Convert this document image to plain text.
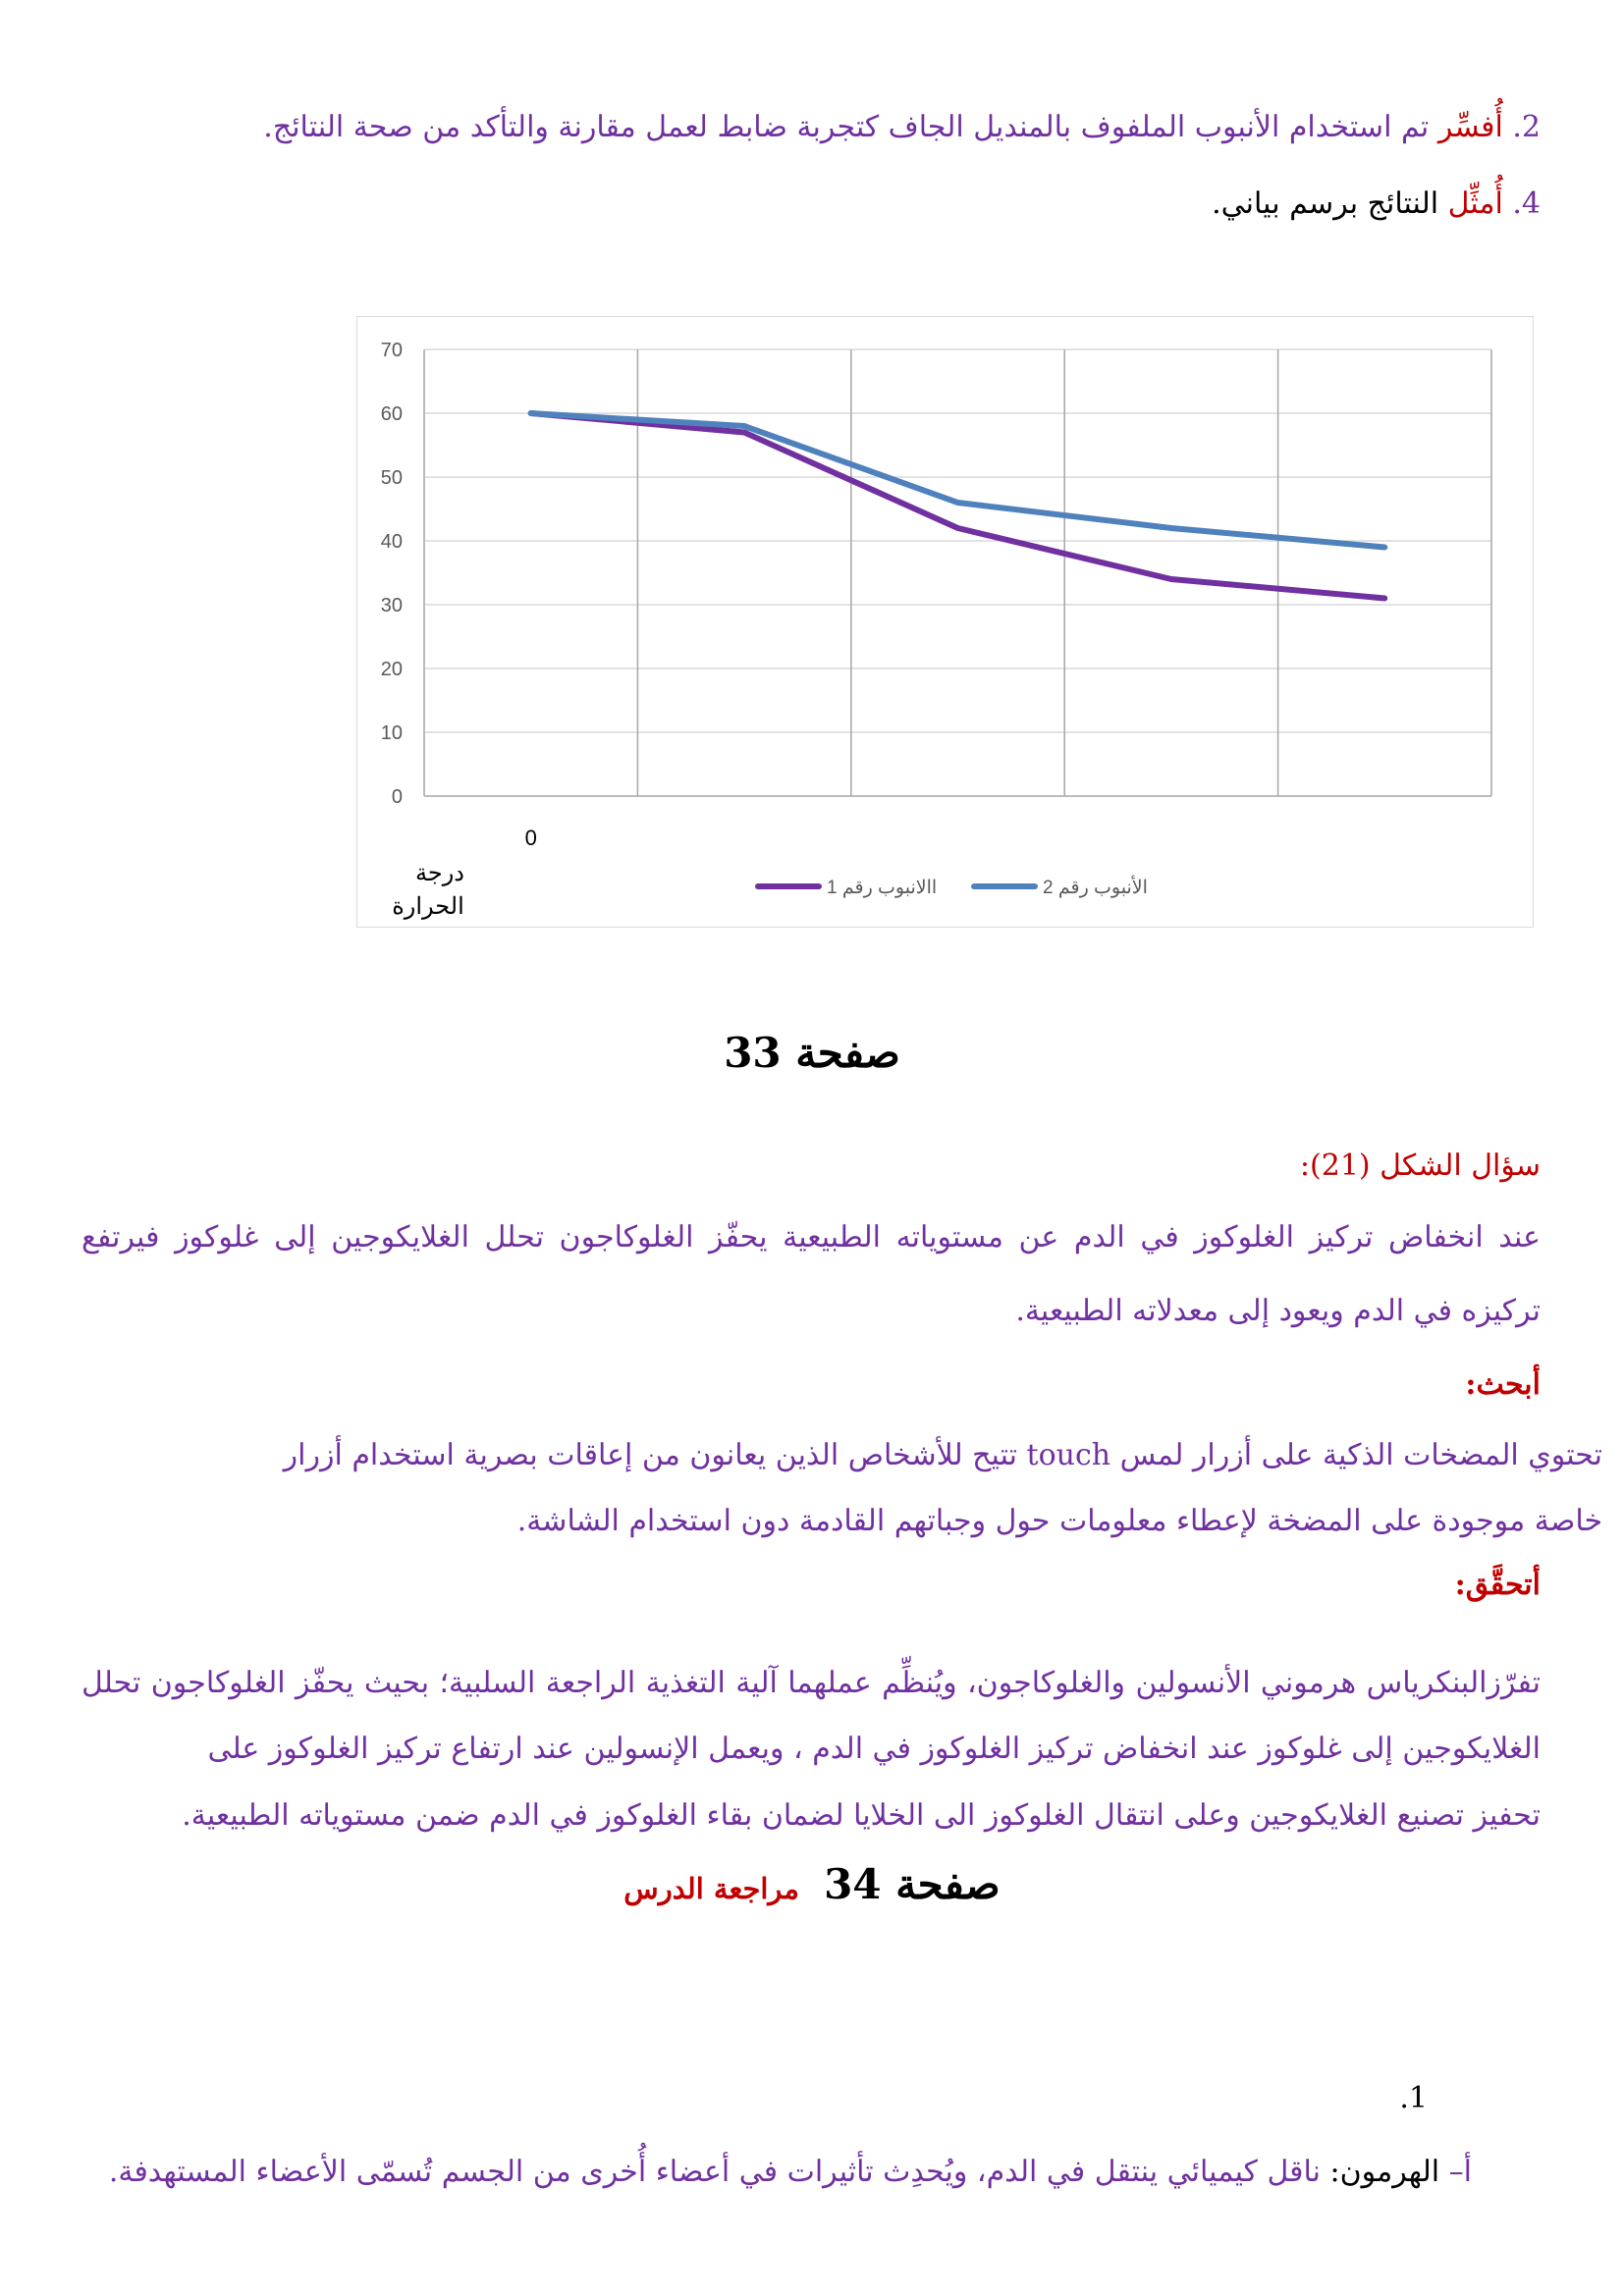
2. أُفسِّر تم استخدام الأنبوب الملفوف بالمنديل الجاف كتجربة ضابط لعمل مقارنة والتأكد من صحة النتائج.
4. أُمثِّل النتائج برسم بياني.
0
10
20
30
40
50
60
70
0
درجة
الحرارة
االانبوب رقم 1	الأنبوب رقم 2
صفحة 33
سؤال الشكل (21):
عند انخفاض تركيز الغلوكوز في الدم عن مستوياته الطبيعية يحفّز الغلوكاجون تحلل الغلايكوجين إلى غلوكوز فيرتفع
تركيزه في الدم ويعود إلى معدلاته الطبيعية.
أبحث:
تحتوي المضخات الذكية على أزرار لمس touch تتيح للأشخاص الذين يعانون من إعاقات بصرية استخدام أزرار
خاصة موجودة على المضخة لإعطاء معلومات حول وجباتهم القادمة دون استخدام الشاشة.
أتحقَّق:
تفرّزالبنكرياس هرموني الأنسولين والغلوكاجون، ويُنظِّم عملهما آلية التغذية الراجعة السلبية؛ بحيث يحفّز الغلوكاجون تحلل
الغلايكوجين إلى غلوكوز عند انخفاض تركيز الغلوكوز في الدم ، ويعمل الإنسولين عند ارتفاع تركيز الغلوكوز على
تحفيز تصنيع الغلايكوجين وعلى انتقال الغلوكوز الى الخلايا لضمان بقاء الغلوكوز في الدم ضمن مستوياته الطبيعية.
صفحة 34 مراجعة الدرس
1.
أ– الهرمون: ناقل كيميائي ينتقل في الدم، ويُحدِث تأثيرات في أعضاء أُخرى من الجسم تُسمّى الأعضاء المستهدفة.
